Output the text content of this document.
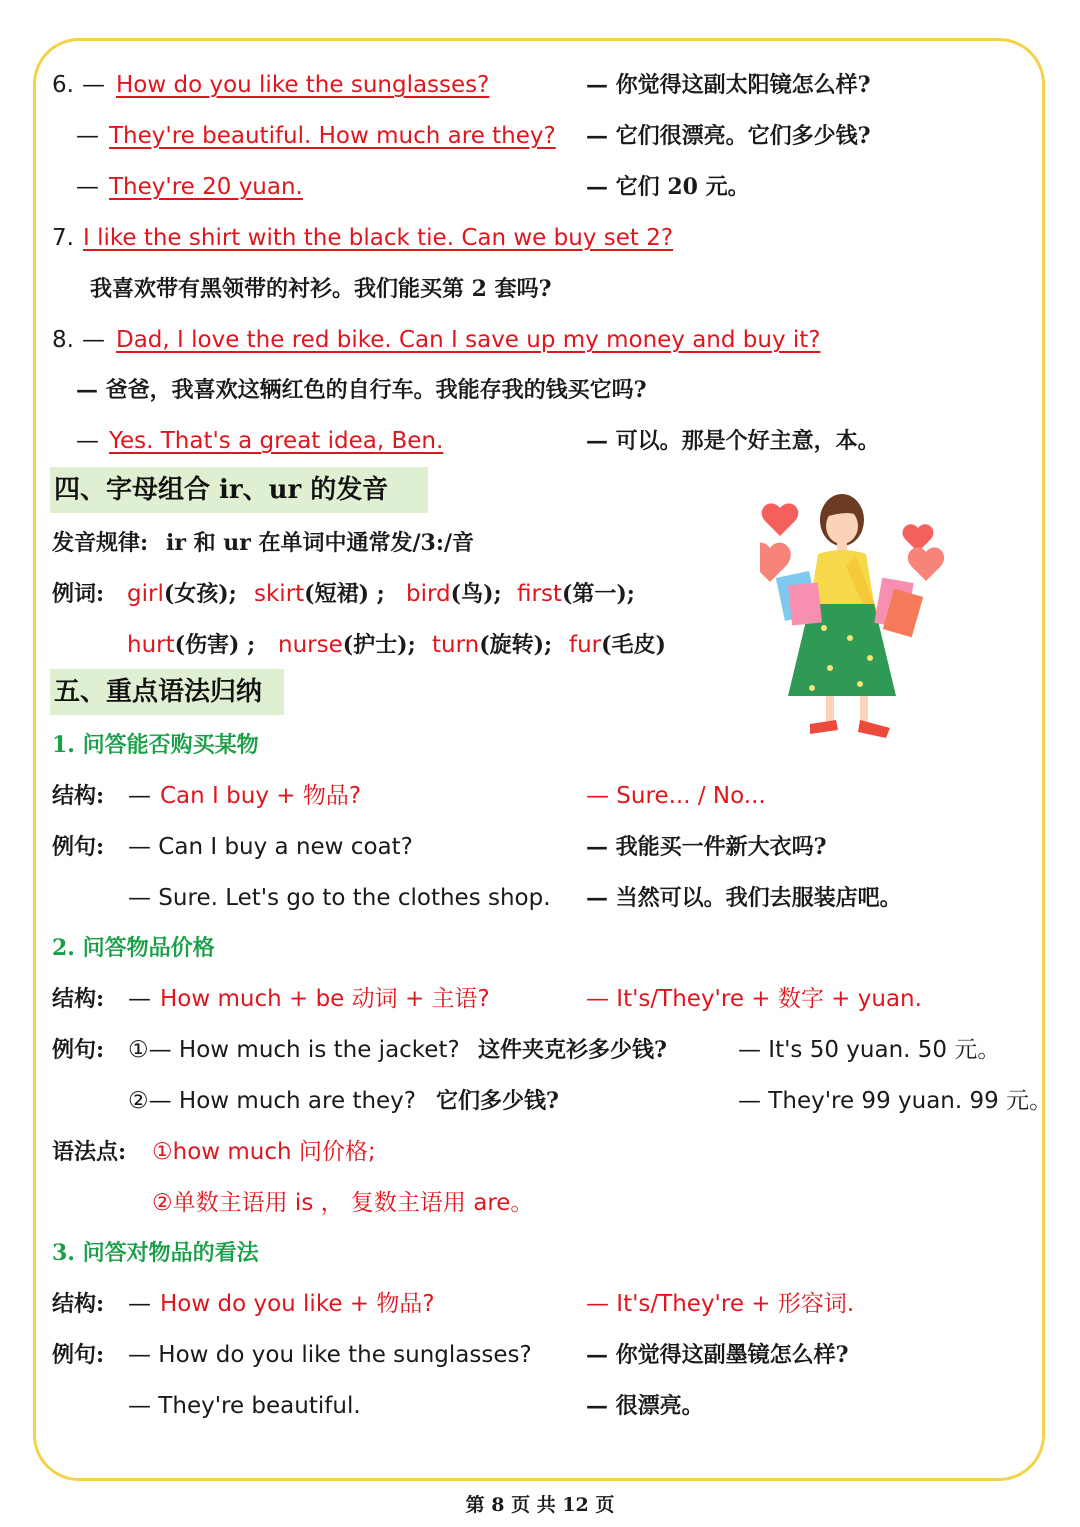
6. — How do you like the sunglasses?	— 你觉得这副太阳镜怎么样?
— They're beautiful. How much are they? — 它们很漂亮。它们多少钱?
— They're 20 yuan.	— 它们 20 元。
7. I like the shirt with the black tie. Can we buy set 2?
我喜欢带有黑领带的衬衫。我们能买第 2 套吗?
8. — Dad, I love the red bike. Can I save up my money and buy it?
— 爸爸，我喜欢这辆红色的自行车。我能存我的钱买它吗?
— Yes. That's a great idea, Ben.	— 可以。那是个好主意，本。
四、字母组合 ir、ur 的发音
发音规律: ir 和 ur 在单词中通常发/3:/音
例词: girl(女孩); skirt(短裙) ; bird(鸟); first(第一);
hurt(伤害) ; nurse(护士); turn(旋转); fur(毛皮)
五、重点语法归纳
1. 问答能否购买某物
结构: — Can I buy + 物品?	— Sure... / No...
例句: — Can I buy a new coat?	— 我能买一件新大衣吗?
— Sure. Let's go to the clothes shop. — 当然可以。我们去服装店吧。
2. 问答物品价格
结构: — How much + be 动词 + 主语?	— It's/They're + 数字 + yuan.
例句: ①— How much is the jacket? 这件夹克衫多少钱?	— It's 50 yuan. 50 元。
②— How much are they? 它们多少钱?	— They're 99 yuan. 99 元。
语法点: ①how much 问价格;
②单数主语用 is ， 复数主语用 are。
3. 问答对物品的看法
结构: — How do you like + 物品?	— It's/They're + 形容词.
例句: — How do you like the sunglasses? — 你觉得这副墨镜怎么样?
— They're beautiful.	— 很漂亮。
第 8 页 共 12 页
